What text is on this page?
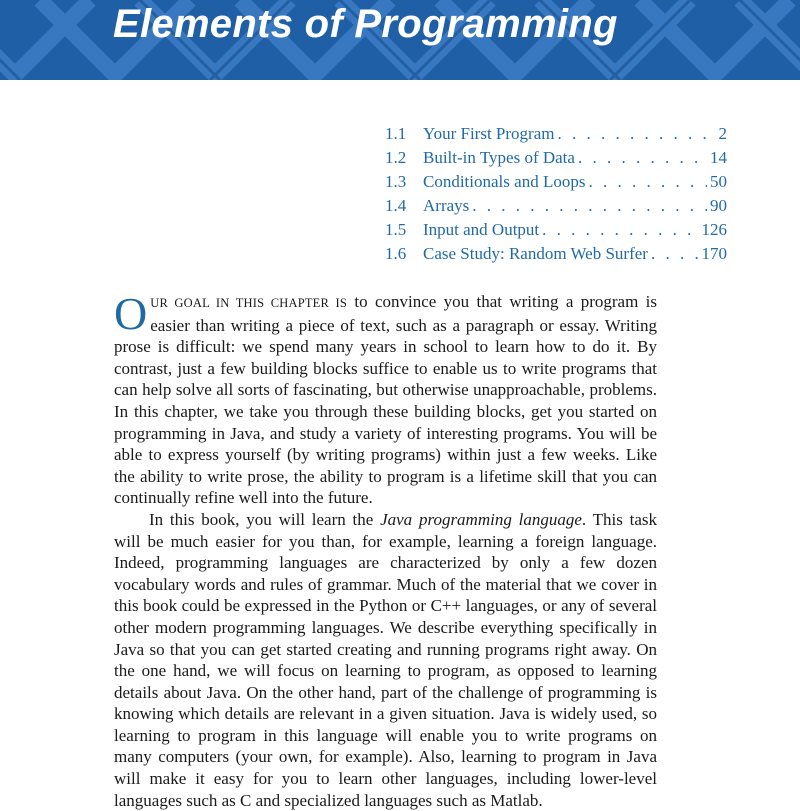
Elements of Programming
1.1 Your First Program . . .	2
1.2 Built-in Types of Data . . .	14
1.3 Conditionals and Loops . . .	50
1.4 Arrays . . .	90
1.5 Input and Output . . .	126
1.6 Case Study: Random Web Surfer . . .	170

OUR GOAL IN THIS CHAPTER IS to convince you that writing a program is easier than writing a piece of text, such as a paragraph or essay. Writing prose is difficult: we spend many years in school to learn how to do it. By contrast, just a few building blocks suffice to enable us to write programs that can help solve all sorts of fascinating, but otherwise unapproachable, problems. In this chapter, we take you through these building blocks, get you started on programming in Java, and study a variety of interesting programs. You will be able to express yourself (by writing programs) within just a few weeks. Like the ability to write prose, the ability to program is a lifetime skill that you can continually refine well into the future.

In this book, you will learn the Java programming language. This task will be much easier for you than, for example, learning a foreign language. Indeed, programming languages are characterized by only a few dozen vocabulary words and rules of grammar. Much of the material that we cover in this book could be expressed in the Python or C++ languages, or any of several other modern programming languages. We describe everything specifically in Java so that you can get started creating and running programs right away. On the one hand, we will focus on learning to program, as opposed to learning details about Java. On the other hand, part of the challenge of programming is knowing which details are relevant in a given situation. Java is widely used, so learning to program in this language will enable you to write programs on many computers (your own, for example). Also, learning to program in Java will make it easy for you to learn other languages, including lower-level languages such as C and specialized languages such as Matlab.
